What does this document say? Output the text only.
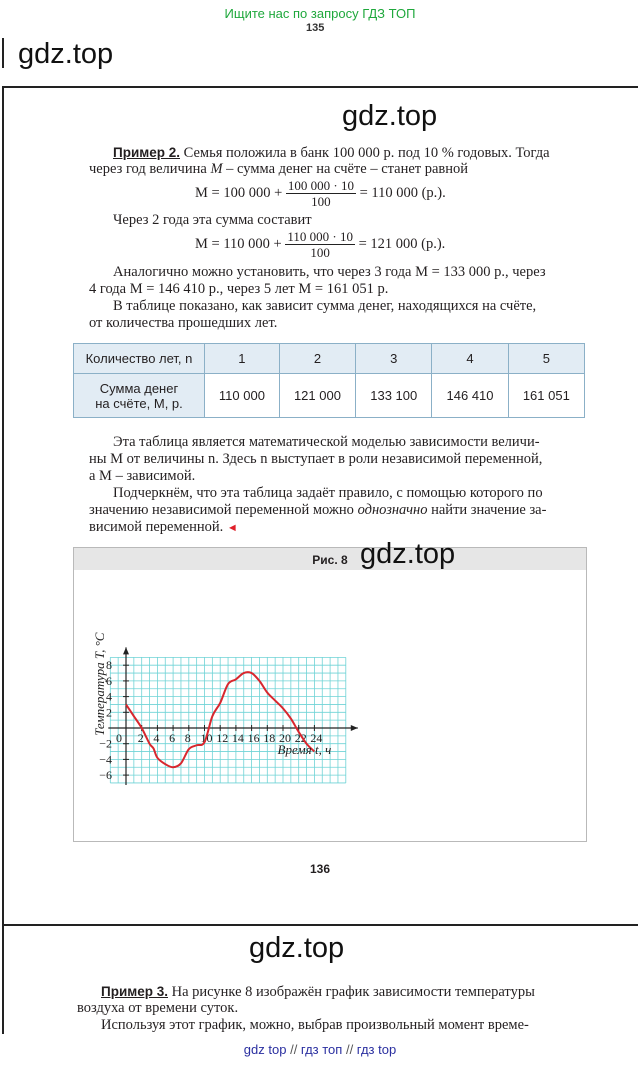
Ищите нас по запросу ГДЗ ТОП
135
gdz.top
gdz.top
Пример 2. Семья положила в банк 100 000 р. под 10 % годовых. Тогда
через год величина M – сумма денег на счёте – станет равной
M = 100 $000 + \frac{100 000 \cdot 10}{100} = 110$ 000 (р.).
Через 2 года эта сумма составит
M = 110 $000 + \frac{110 000 \cdot 10}{100} = 121$ 000 (р.).
Аналогично можно установить, что через 3 года M = 133 000 р., через
4 года M = 146 410 р., через 5 лет M = 161 051 р.
В таблице показано, как зависит сумма денег, находящихся на счёте,
от количества прошедших лет.
Количество лет, n	1	2	3	4	5

Сумма денег
на счёте, M, р.	110 000	121 000	133 100	146 410	161 051
Эта таблица является математической моделью зависимости величи-
ны M от величины n. Здесь n выступает в роли независимой переменной,
а M – зависимой.
Подчеркнём, что эта таблица задаёт правило, с помощью которого по
значению независимой переменной можно однозначно найти значение за-
висимой переменной. ◄
Рис. 8
2 4 6 8 10 12 14 16 18 20 22 24
8
6
4
2
−2
−4
−6
0
Время t, ч
Температура T, °C
gdz.top
136
gdz.top
Пример 3. На рисунке 8 изображён график зависимости температуры
воздуха от времени суток.
Используя этот график, можно, выбрав произвольный момент време-
gdz top // гдз топ // гдз top
